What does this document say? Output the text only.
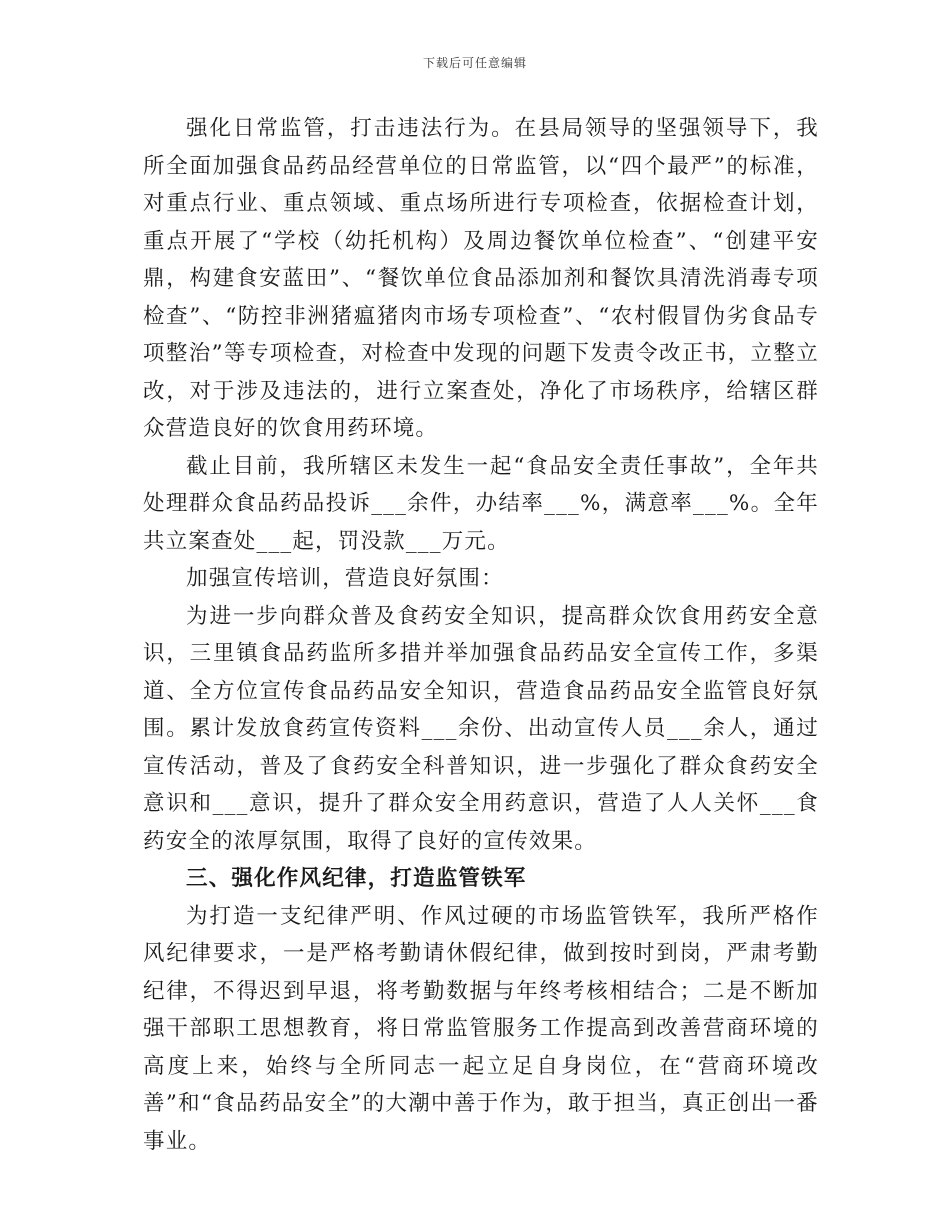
下载后可任意编辑

强化日常监管，打击违法行为。在县局领导的坚强领导下，我所全面加强食品药品经营单位的日常监管，以“四个最严”的标准，对重点行业、重点领域、重点场所进行专项检查，依据检查计划，重点开展了“学校（幼托机构）及周边餐饮单位检查”、“创建平安鼎，构建食安蓝田”、“餐饮单位食品添加剂和餐饮具清洗消毒专项检查”、“防控非洲猪瘟猪肉市场专项检查”、“农村假冒伪劣食品专项整治”等专项检查，对检查中发现的问题下发责令改正书，立整立改，对于涉及违法的，进行立案查处，净化了市场秩序，给辖区群众营造良好的饮食用药环境。

截止目前，我所辖区未发生一起“食品安全责任事故”，全年共处理群众食品药品投诉___余件，办结率___%，满意率___%。全年共立案查处___起，罚没款___万元。

加强宣传培训，营造良好氛围：

为进一步向群众普及食药安全知识，提高群众饮食用药安全意识，三里镇食品药监所多措并举加强食品药品安全宣传工作，多渠道、全方位宣传食品药品安全知识，营造食品药品安全监管良好氛围。累计发放食药宣传资料___余份、出动宣传人员___余人，通过宣传活动，普及了食药安全科普知识，进一步强化了群众食药安全意识和___意识，提升了群众安全用药意识，营造了人人关怀___食药安全的浓厚氛围，取得了良好的宣传效果。

三、强化作风纪律，打造监管铁军

为打造一支纪律严明、作风过硬的市场监管铁军，我所严格作风纪律要求，一是严格考勤请休假纪律，做到按时到岗，严肃考勤纪律，不得迟到早退，将考勤数据与年终考核相结合；二是不断加强干部职工思想教育，将日常监管服务工作提高到改善营商环境的高度上来，始终与全所同志一起立足自身岗位，在“营商环境改善”和“食品药品安全”的大潮中善于作为，敢于担当，真正创出一番事业。
